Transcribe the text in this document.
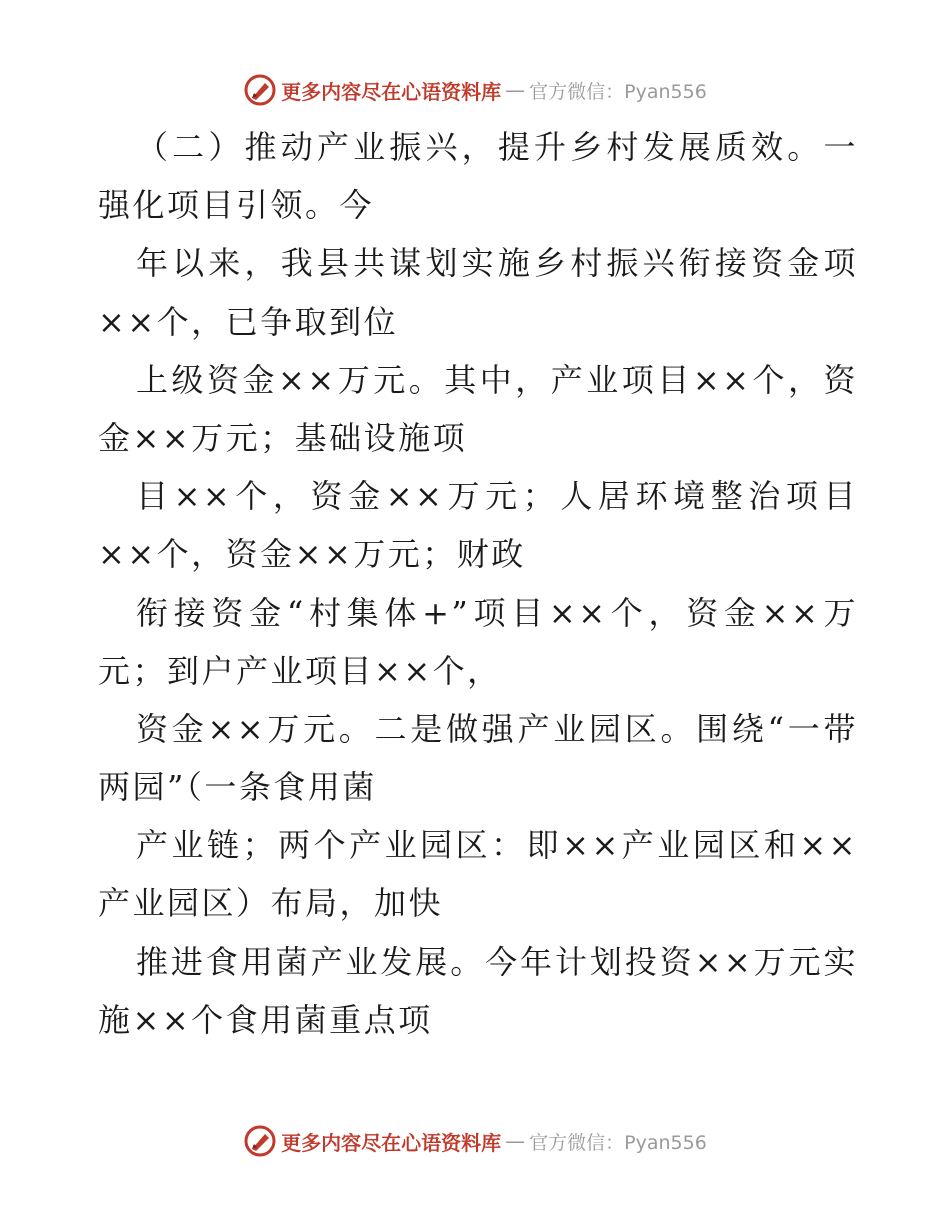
更多内容尽在心语资料库 — 官方微信：Pyan556
（二）推动产业振兴，提升乡村发展质效。一
强化项目引领。今
年以来，我县共谋划实施乡村振兴衔接资金项
××个，已争取到位
上级资金××万元。其中，产业项目××个，资
金××万元；基础设施项
目××个，资金××万元；人居环境整治项目
××个，资金××万元；财政
衔接资金“村集体+”项目××个，资金××万
元；到户产业项目××个，
资金××万元。二是做强产业园区。围绕“一带
两园”（一条食用菌
产业链；两个产业园区：即××产业园区和××
产业园区）布局，加快
推进食用菌产业发展。今年计划投资××万元实
施××个食用菌重点项
更多内容尽在心语资料库 — 官方微信：Pyan556
